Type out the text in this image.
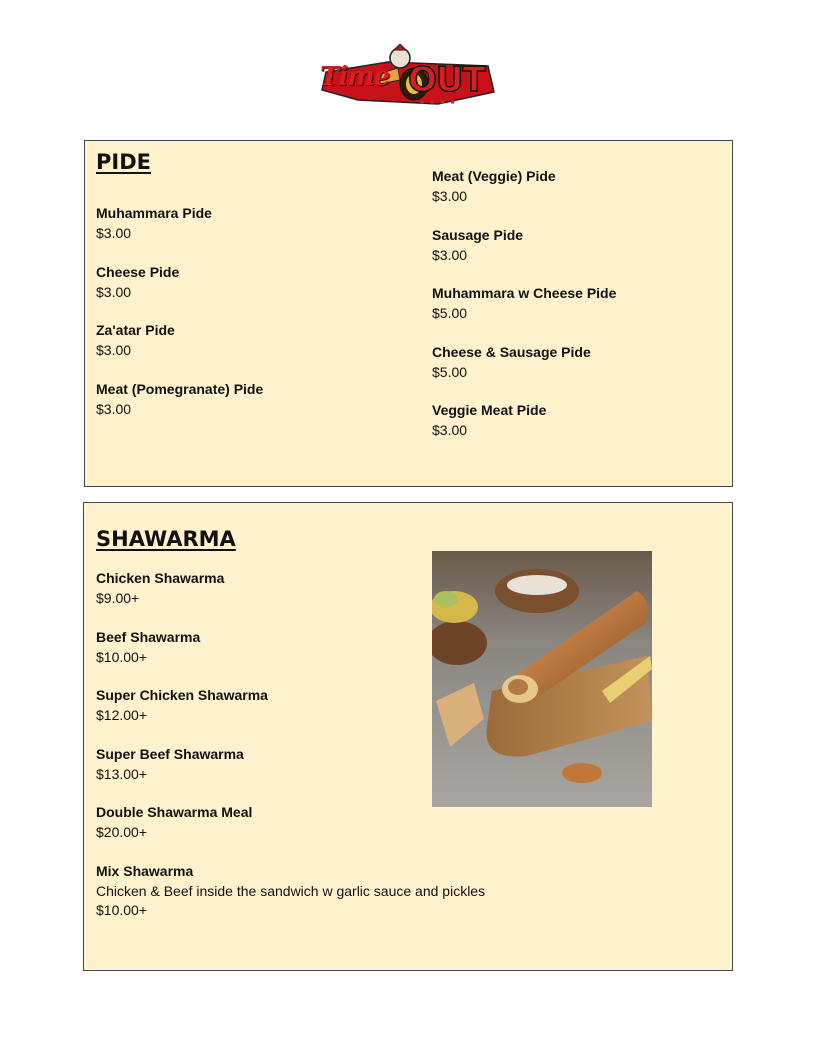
Time OUT
■ ■ ■ ■
PIDE
Muhammara Pide
$3.00
Cheese Pide
$3.00
Za'atar Pide
$3.00
Meat (Pomegranate) Pide
$3.00
Meat (Veggie) Pide
$3.00
Sausage Pide
$3.00
Muhammara w Cheese Pide
$5.00
Cheese & Sausage Pide
$5.00
Veggie Meat Pide
$3.00
SHAWARMA
Chicken Shawarma
$9.00+
Beef Shawarma
$10.00+
Super Chicken Shawarma
$12.00+
Super Beef Shawarma
$13.00+
Double Shawarma Meal
$20.00+
Mix Shawarma
Chicken & Beef inside the sandwich w garlic sauce and pickles
$10.00+
